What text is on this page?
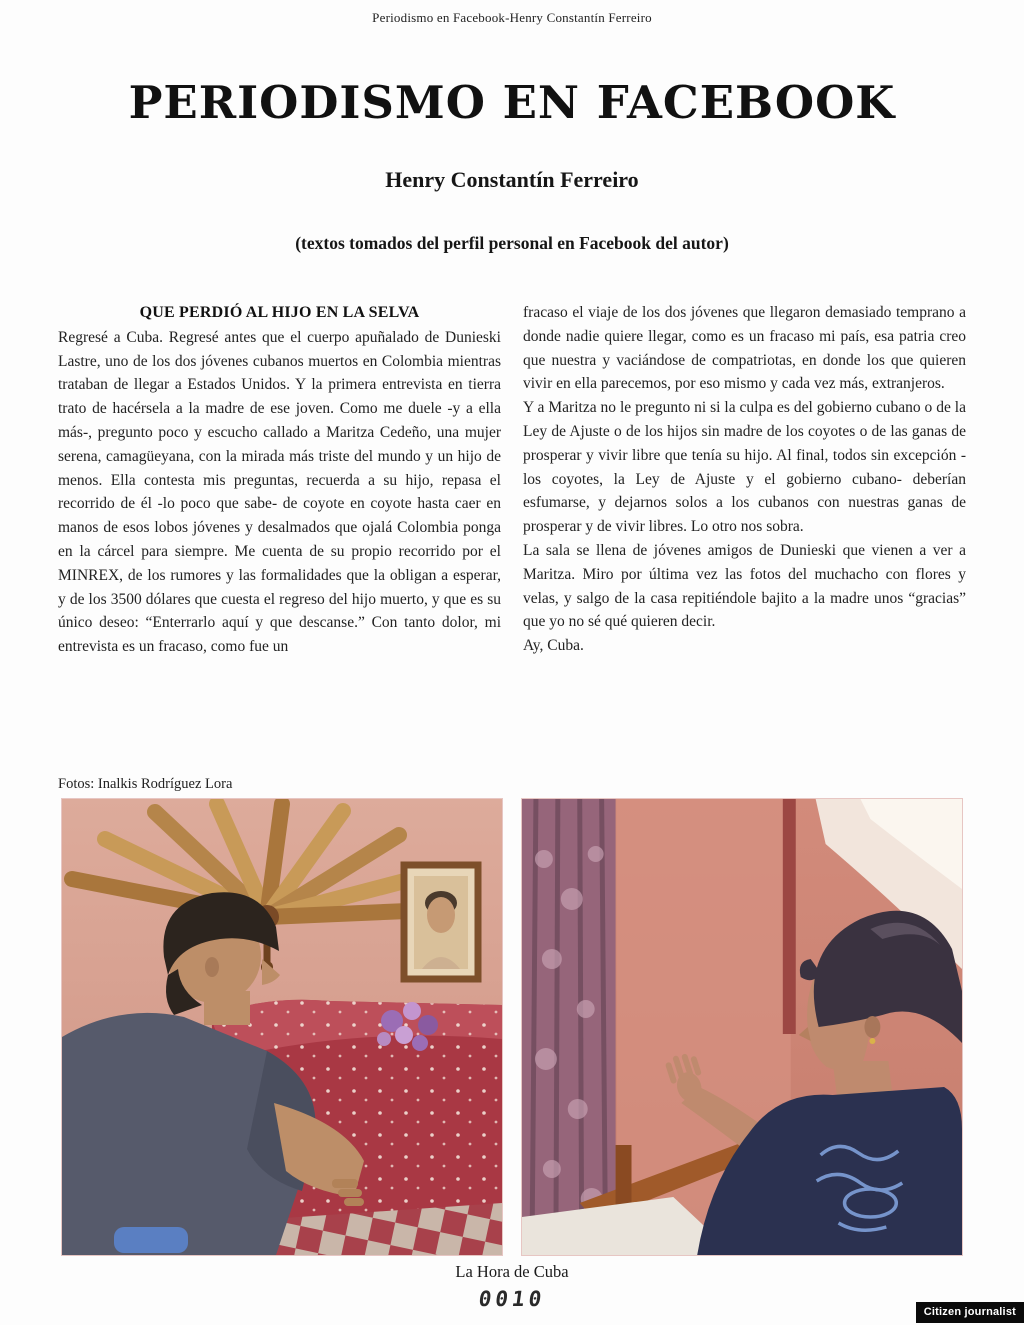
Periodismo en Facebook-Henry Constantín Ferreiro
PERIODISMO EN FACEBOOK
Henry Constantín Ferreiro
(textos tomados del perfil personal en Facebook del autor)
QUE PERDIÓ AL HIJO EN LA SELVA

Regresé a Cuba. Regresé antes que el cuerpo apuñalado de Dunieski Lastre, uno de los dos jóvenes cubanos muertos en Colombia mientras trataban de llegar a Estados Unidos. Y la primera entrevista en tierra trato de hacérsela a la madre de ese joven. Como me duele -y a ella más-, pregunto poco y escucho callado a Maritza Cedeño, una mujer serena, camagüeyana, con la mirada más triste del mundo y un hijo de menos. Ella contesta mis preguntas, recuerda a su hijo, repasa el recorrido de él -lo poco que sabe- de coyote en coyote hasta caer en manos de esos lobos jóvenes y desalmados que ojalá Colombia ponga en la cárcel para siempre. Me cuenta de su propio recorrido por el MINREX, de los rumores y las formalidades que la obligan a esperar, y de los 3500 dólares que cuesta el regreso del hijo muerto, y que es su único deseo: “Enterrarlo aquí y que descanse.” Con tanto dolor, mi entrevista es un fracaso, como fue un

fracaso el viaje de los dos jóvenes que llegaron demasiado temprano a donde nadie quiere llegar, como es un fracaso mi país, esa patria creo que nuestra y vaciándose de compatriotas, en donde los que quieren vivir en ella parecemos, por eso mismo y cada vez más, extranjeros.

Y a Maritza no le pregunto ni si la culpa es del gobierno cubano o de la Ley de Ajuste o de los hijos sin madre de los coyotes o de las ganas de prosperar y vivir libre que tenía su hijo. Al final, todos sin excepción -los coyotes, la Ley de Ajuste y el gobierno cubano- deberían esfumarse, y dejarnos solos a los cubanos con nuestras ganas de prosperar y de vivir libres. Lo otro nos sobra.

La sala se llena de jóvenes amigos de Dunieski que vienen a ver a Maritza. Miro por última vez las fotos del muchacho con flores y velas, y salgo de la casa repitiéndole bajito a la madre unos “gracias” que yo no sé qué quieren decir.

Ay, Cuba.

Fotos: Inalkis Rodríguez Lora
La Hora de Cuba
0010
Citizen journalist
